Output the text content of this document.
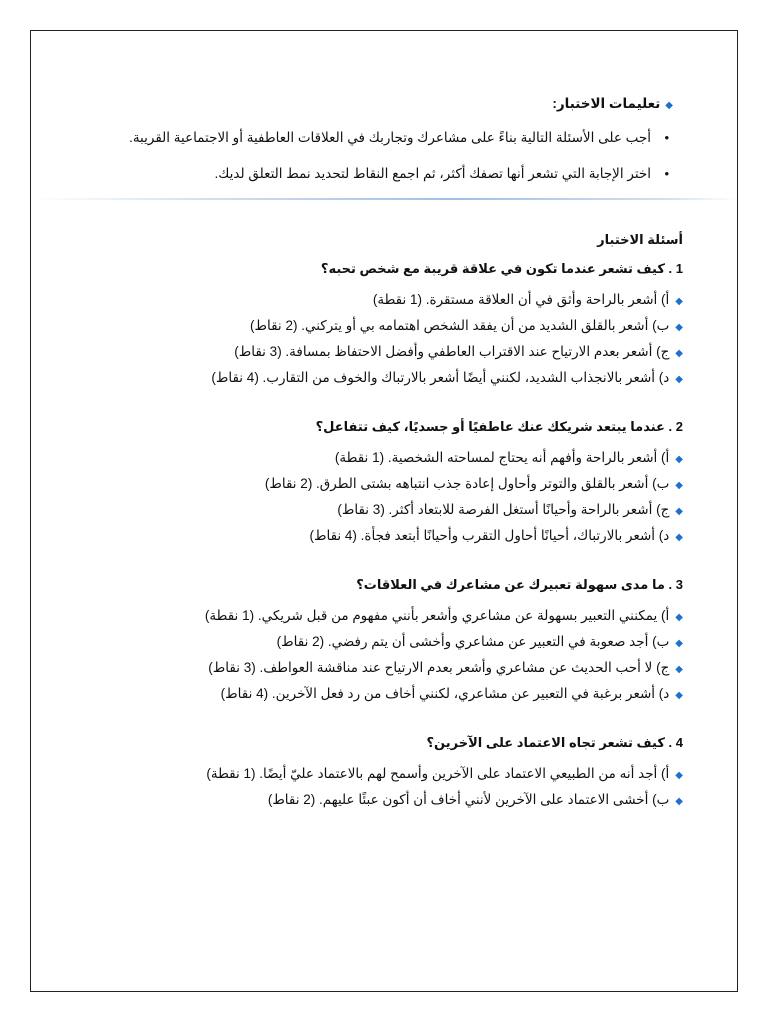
◆تعليمات الاختبار:
•
أجب على الأسئلة التالية بناءً على مشاعرك وتجاربك في العلاقات العاطفية أو الاجتماعية القريبة.
•
اختر الإجابة التي تشعر أنها تصفك أكثر، ثم اجمع النقاط لتحديد نمط التعلق لديك.
أسئلة الاختبار
1 . كيف تشعر عندما تكون في علاقة قريبة مع شخص تحبه؟
◆أ) أشعر بالراحة وأثق في أن العلاقة مستقرة. (1 نقطة)
◆ب) أشعر بالقلق الشديد من أن يفقد الشخص اهتمامه بي أو يتركني. (2 نقاط)
◆ج) أشعر بعدم الارتياح عند الاقتراب العاطفي وأفضل الاحتفاظ بمسافة. (3 نقاط)
◆د) أشعر بالانجذاب الشديد، لكنني أيضًا أشعر بالارتباك والخوف من التقارب. (4 نقاط)
2 . عندما يبتعد شريكك عنك عاطفيًا أو جسديًا، كيف تتفاعل؟
◆أ) أشعر بالراحة وأفهم أنه يحتاج لمساحته الشخصية. (1 نقطة)
◆ب) أشعر بالقلق والتوتر وأحاول إعادة جذب انتباهه بشتى الطرق. (2 نقاط)
◆ج) أشعر بالراحة وأحيانًا أستغل الفرصة للابتعاد أكثر. (3 نقاط)
◆د) أشعر بالارتباك، أحيانًا أحاول التقرب وأحيانًا أبتعد فجأة. (4 نقاط)
3 . ما مدى سهولة تعبيرك عن مشاعرك في العلاقات؟
◆أ) يمكنني التعبير بسهولة عن مشاعري وأشعر بأنني مفهوم من قبل شريكي. (1 نقطة)
◆ب) أجد صعوبة في التعبير عن مشاعري وأخشى أن يتم رفضي. (2 نقاط)
◆ج) لا أحب الحديث عن مشاعري وأشعر بعدم الارتياح عند مناقشة العواطف. (3 نقاط)
◆د) أشعر برغبة في التعبير عن مشاعري، لكنني أخاف من رد فعل الآخرين. (4 نقاط)
4 . كيف تشعر تجاه الاعتماد على الآخرين؟
◆أ) أجد أنه من الطبيعي الاعتماد على الآخرين وأسمح لهم بالاعتماد عليّ أيضًا. (1 نقطة)
◆ب) أخشى الاعتماد على الآخرين لأنني أخاف أن أكون عبئًا عليهم. (2 نقاط)
